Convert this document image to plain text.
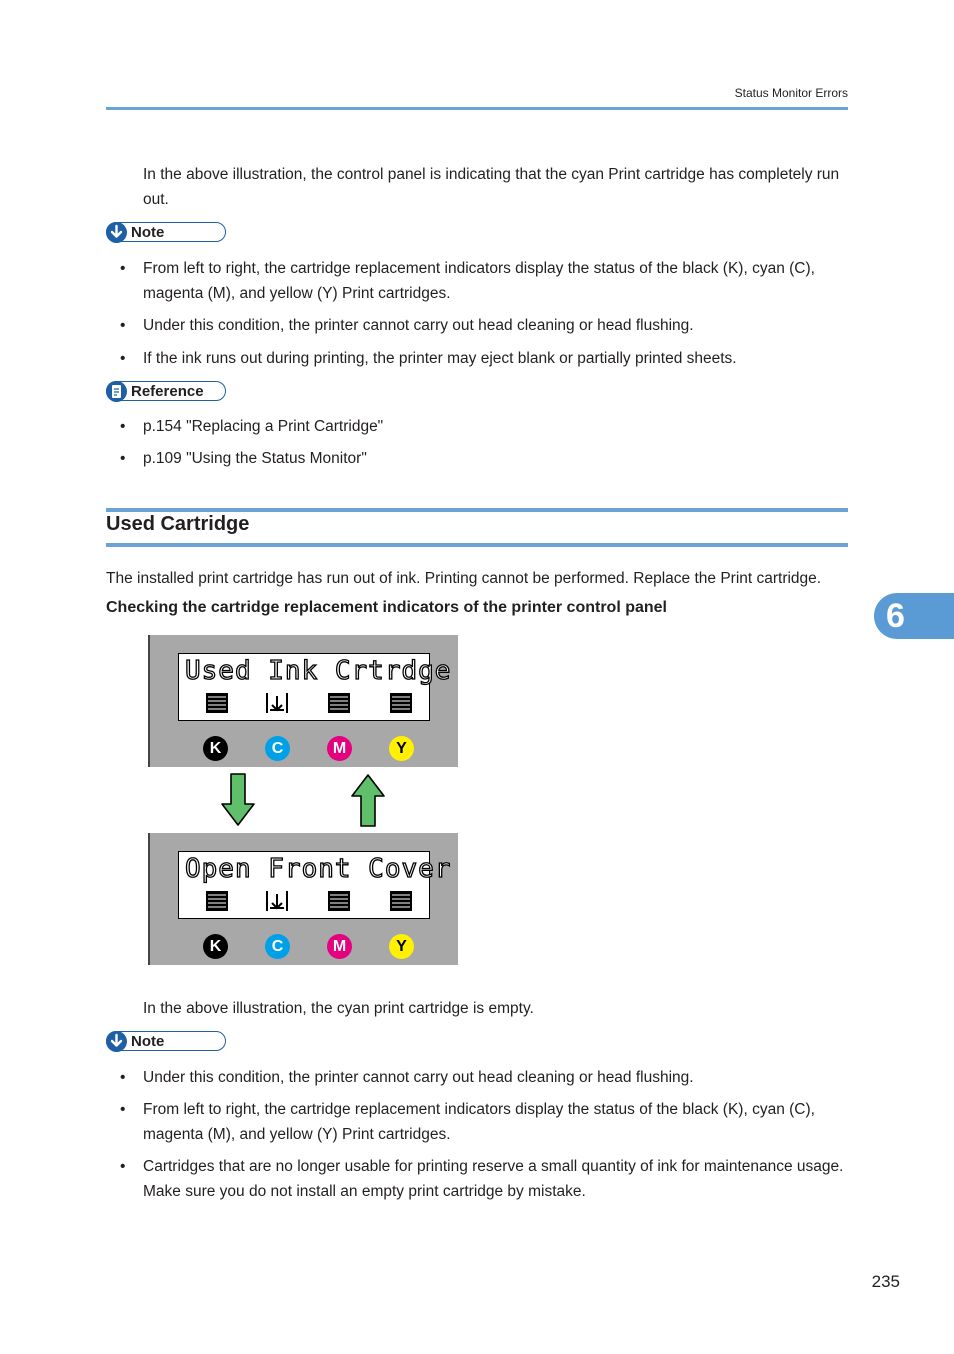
Status Monitor Errors
In the above illustration, the control panel is indicating that the cyan Print cartridge has completely run out.
Note
• From left to right, the cartridge replacement indicators display the status of the black (K), cyan (C), magenta (M), and yellow (Y) Print cartridges.
• Under this condition, the printer cannot carry out head cleaning or head flushing.
• If the ink runs out during printing, the printer may eject blank or partially printed sheets.
Reference
• p.154 "Replacing a Print Cartridge"
• p.109 "Using the Status Monitor"
Used Cartridge
The installed print cartridge has run out of ink. Printing cannot be performed. Replace the Print cartridge.
Checking the cartridge replacement indicators of the printer control panel
Used Ink Crtrdge
K	C	M	Y
Open Front Cover
K	C	M	Y
In the above illustration, the cyan print cartridge is empty.
Note
• Under this condition, the printer cannot carry out head cleaning or head flushing.
• From left to right, the cartridge replacement indicators display the status of the black (K), cyan (C), magenta (M), and yellow (Y) Print cartridges.
• Cartridges that are no longer usable for printing reserve a small quantity of ink for maintenance usage. Make sure you do not install an empty print cartridge by mistake.
6
235
